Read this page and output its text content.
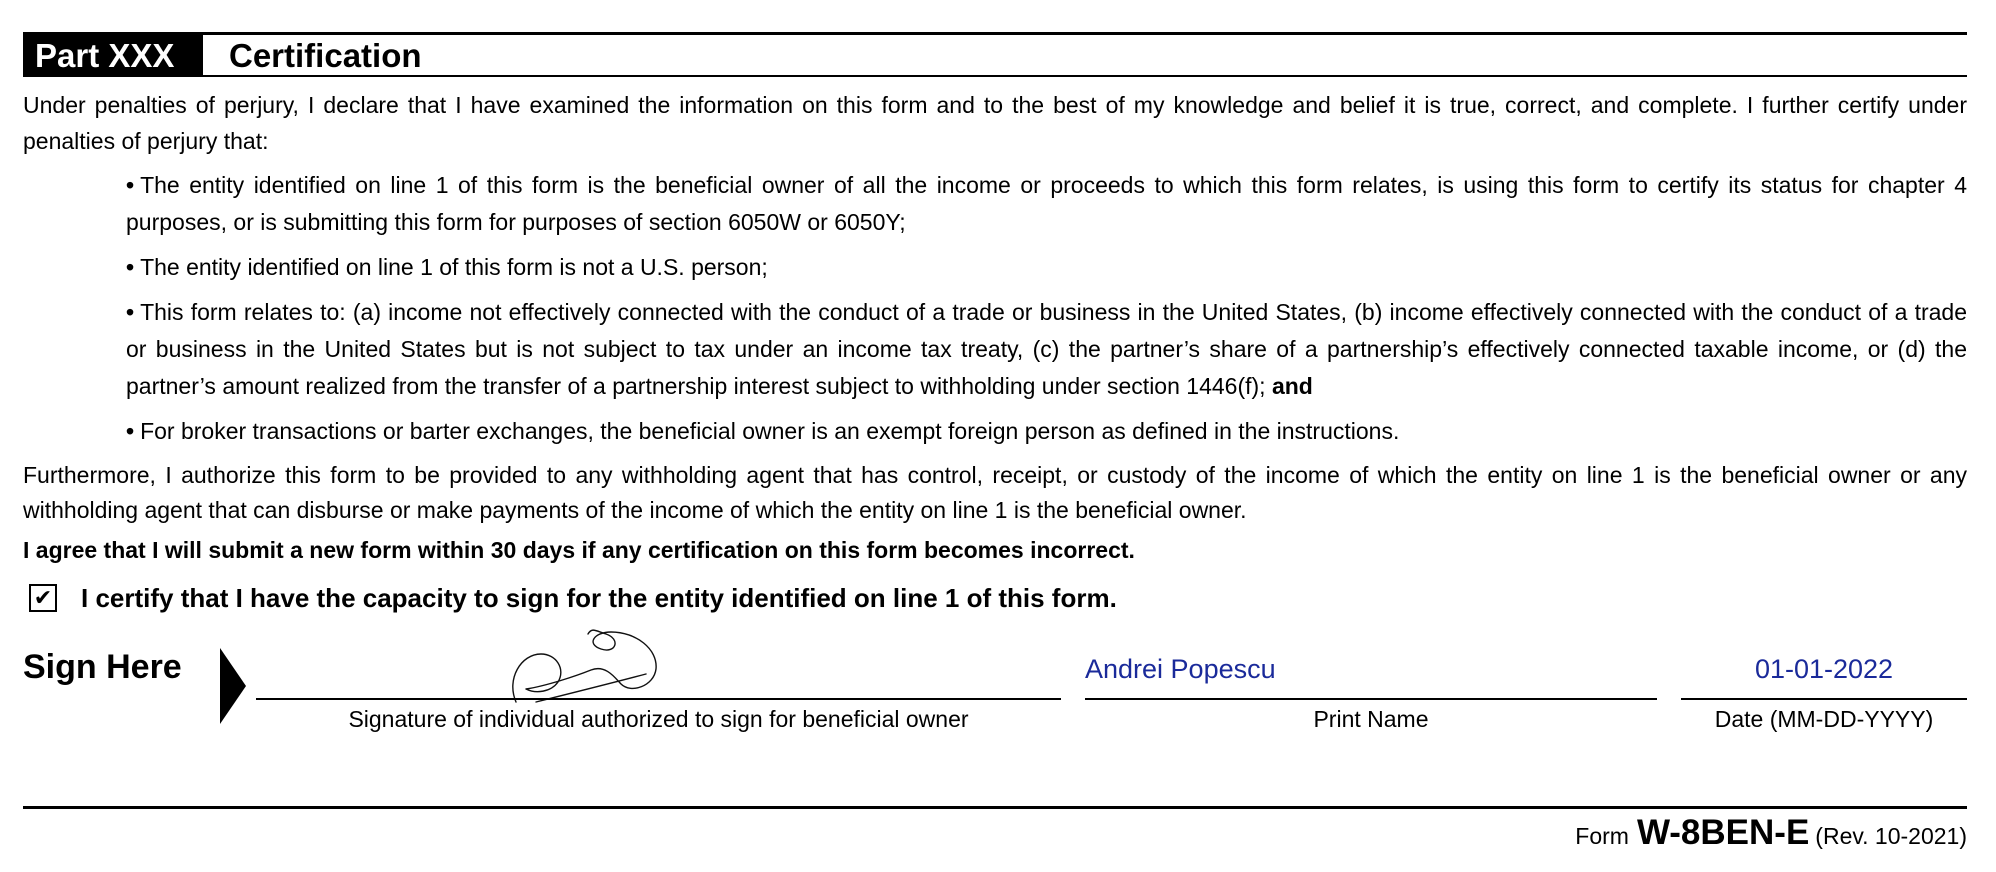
Part XXX	Certification
Under penalties of perjury, I declare that I have examined the information on this form and to the best of my knowledge and belief it is true, correct, and complete. I further certify under penalties of perjury that:
• The entity identified on line 1 of this form is the beneficial owner of all the income or proceeds to which this form relates, is using this form to certify its status for chapter 4 purposes, or is submitting this form for purposes of section 6050W or 6050Y;
• The entity identified on line 1 of this form is not a U.S. person;
• This form relates to: (a) income not effectively connected with the conduct of a trade or business in the United States, (b) income effectively connected with the conduct of a trade or business in the United States but is not subject to tax under an income tax treaty, (c) the partner’s share of a partnership’s effectively connected taxable income, or (d) the partner’s amount realized from the transfer of a partnership interest subject to withholding under section 1446(f); and
• For broker transactions or barter exchanges, the beneficial owner is an exempt foreign person as defined in the instructions.
Furthermore, I authorize this form to be provided to any withholding agent that has control, receipt, or custody of the income of which the entity on line 1 is the beneficial owner or any withholding agent that can disburse or make payments of the income of which the entity on line 1 is the beneficial owner.
I agree that I will submit a new form within 30 days if any certification on this form becomes incorrect.
✔ I certify that I have the capacity to sign for the entity identified on line 1 of this form.
Sign Here
Signature of individual authorized to sign for beneficial owner
Andrei Popescu
Print Name
01-01-2022
Date (MM-DD-YYYY)
Form W-8BEN-E (Rev. 10-2021)
